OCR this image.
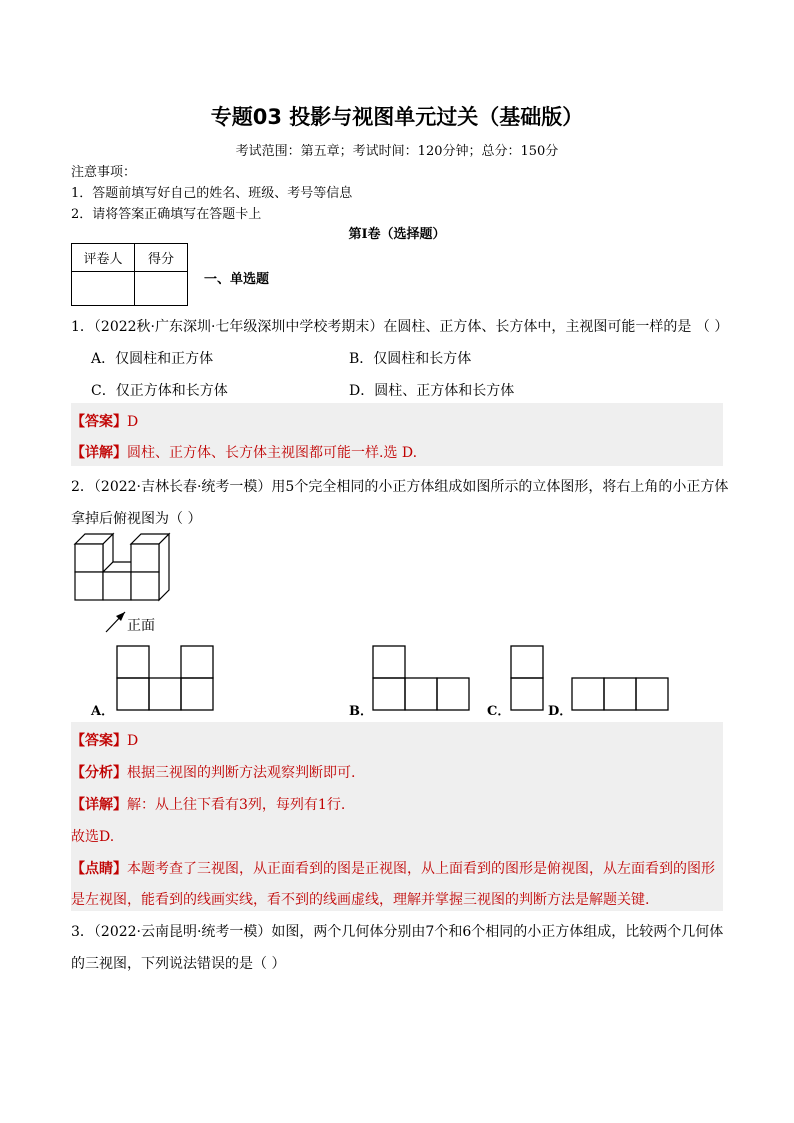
专题03 投影与视图单元过关（基础版）
考试范围：第五章；考试时间：120分钟；总分：150分
注意事项：
1．答题前填写好自己的姓名、班级、考号等信息
2．请将答案正确填写在答题卡上
第I卷（选择题）
评卷人	得分

一、单选题
1．（2022秋·广东深圳·七年级深圳中学校考期末）在圆柱、正方体、长方体中，主视图可能一样的是 （ ）
A．仅圆柱和正方体	B．仅圆柱和长方体
C．仅正方体和长方体	D．圆柱、正方体和长方体
【答案】D
【详解】圆柱、正方体、长方体主视图都可能一样.选 D.
2．（2022·吉林长春·统考一模）用5个完全相同的小正方体组成如图所示的立体图形，将右上角的小正方体
拿掉后俯视图为（ ）
正面
A．	B．	C．	D．
【答案】D
【分析】根据三视图的判断方法观察判断即可.
【详解】解：从上往下看有3列，每列有1行.
故选D.
【点睛】本题考查了三视图，从正面看到的图是正视图，从上面看到的图形是俯视图，从左面看到的图形
是左视图，能看到的线画实线，看不到的线画虚线，理解并掌握三视图的判断方法是解题关键.
3．（2022·云南昆明·统考一模）如图，两个几何体分别由7个和6个相同的小正方体组成，比较两个几何体
的三视图，下列说法错误的是（ ）
